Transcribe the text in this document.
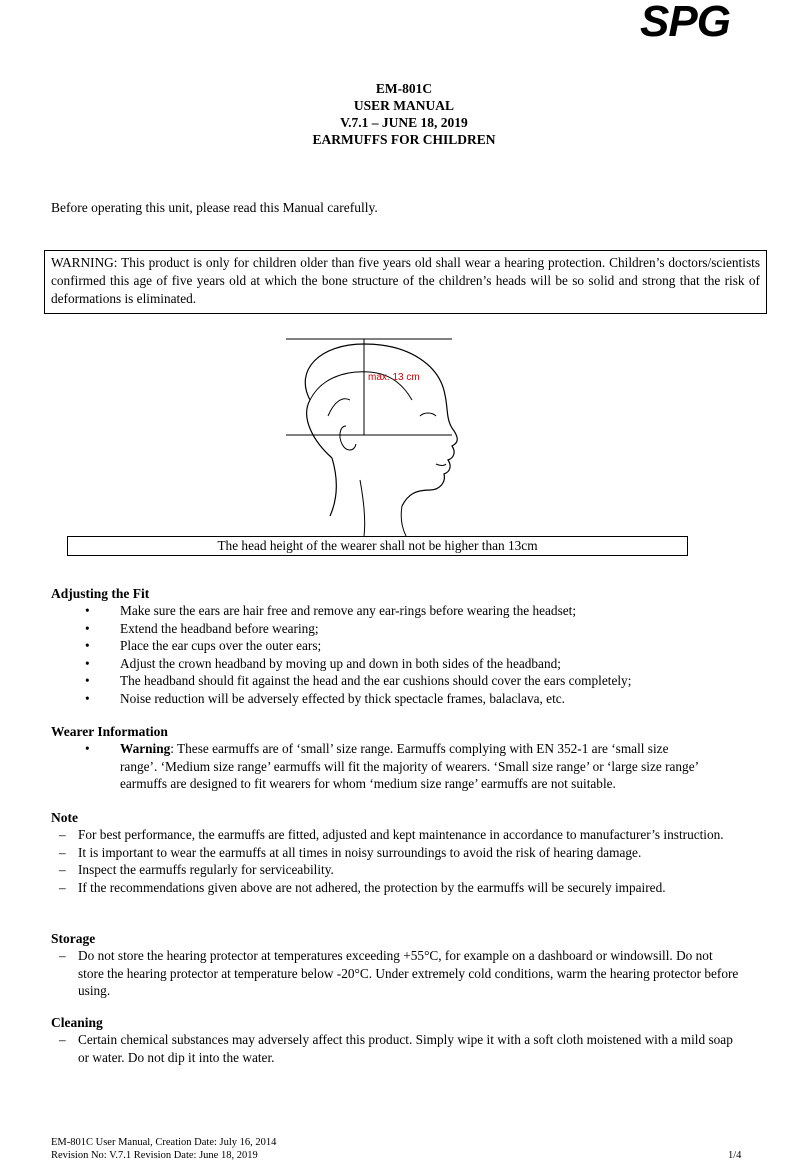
SPG
EM-801C
USER MANUAL
V.7.1 – JUNE 18, 2019
EARMUFFS FOR CHILDREN
Before operating this unit, please read this Manual carefully.
WARNING: This product is only for children older than five years old shall wear a hearing protection. Children’s doctors/scientists confirmed this age of five years old at which the bone structure of the children’s heads will be so solid and strong that the risk of deformations is eliminated.
max. 13 cm
The head height of the wearer shall not be higher than 13cm
Adjusting the Fit
• Make sure the ears are hair free and remove any ear-rings before wearing the headset;
• Extend the headband before wearing;
• Place the ear cups over the outer ears;
• Adjust the crown headband by moving up and down in both sides of the headband;
• The headband should fit against the head and the ear cushions should cover the ears completely;
• Noise reduction will be adversely effected by thick spectacle frames, balaclava, etc.
Wearer Information
• Warning: These earmuffs are of ‘small’ size range. Earmuffs complying with EN 352-1 are ‘small size range’. ‘Medium size range’ earmuffs will fit the majority of wearers. ‘Small size range’ or ‘large size range’ earmuffs are designed to fit wearers for whom ‘medium size range’ earmuffs are not suitable.
Note
– For best performance, the earmuffs are fitted, adjusted and kept maintenance in accordance to manufacturer’s instruction.
– It is important to wear the earmuffs at all times in noisy surroundings to avoid the risk of hearing damage.
– Inspect the earmuffs regularly for serviceability.
– If the recommendations given above are not adhered, the protection by the earmuffs will be securely impaired.
Storage
– Do not store the hearing protector at temperatures exceeding +55°C, for example on a dashboard or windowsill. Do not store the hearing protector at temperature below -20°C. Under extremely cold conditions, warm the hearing protector before using.
Cleaning
– Certain chemical substances may adversely affect this product. Simply wipe it with a soft cloth moistened with a mild soap or water. Do not dip it into the water.
EM-801C User Manual, Creation Date: July 16, 2014
Revision No: V.7.1 Revision Date: June 18, 2019	1/4
